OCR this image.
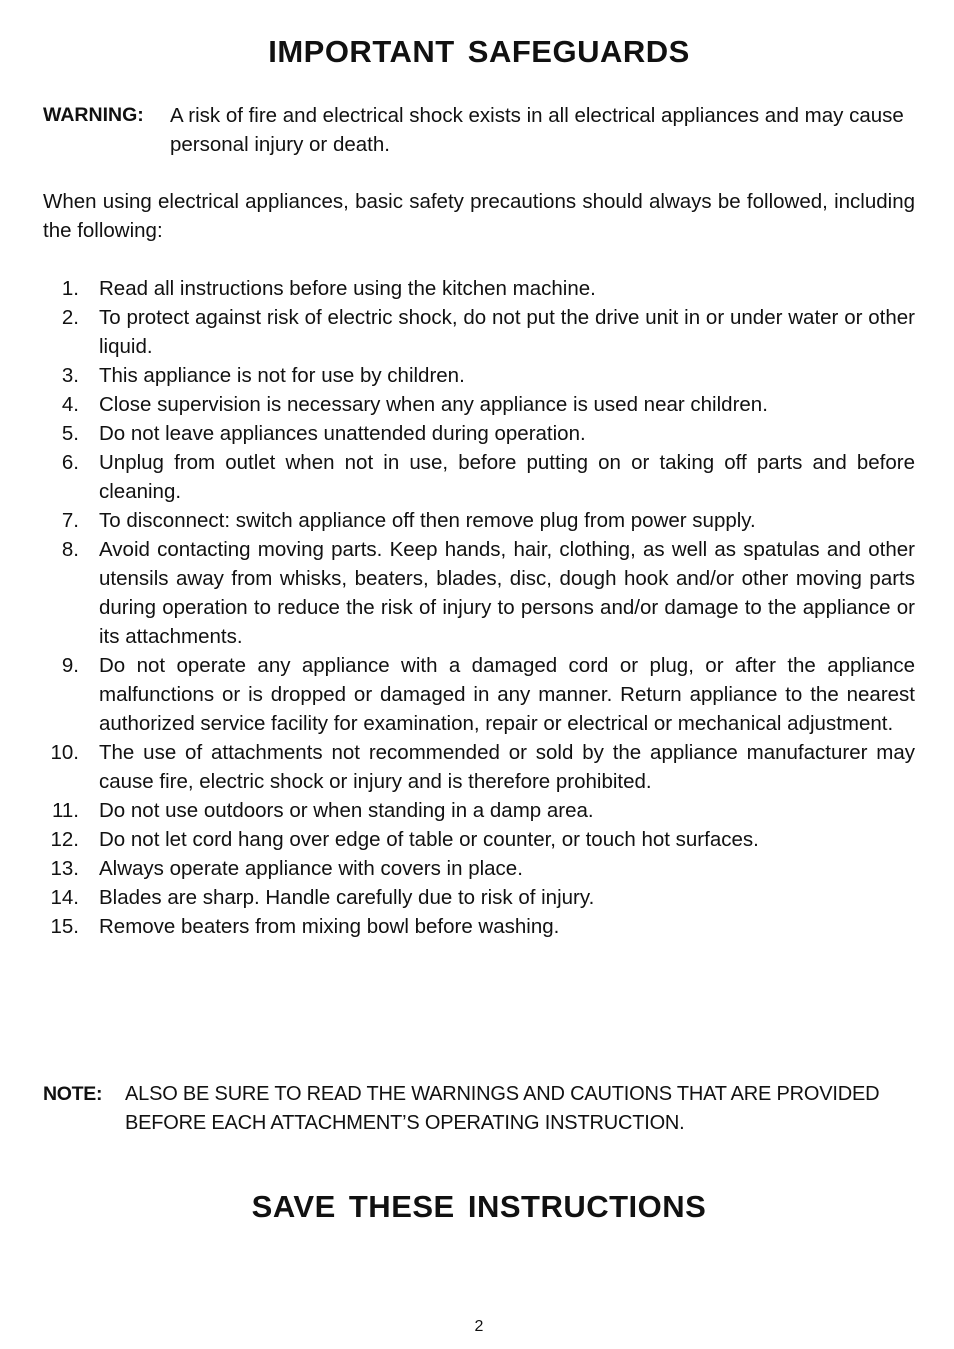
IMPORTANT SAFEGUARDS
WARNING:	A risk of fire and electrical shock exists in all electrical appliances and may cause personal injury or death.

When using electrical appliances, basic safety precautions should always be followed, including the following:

1. Read all instructions before using the kitchen machine.
2. To protect against risk of electric shock, do not put the drive unit in or under water or other liquid.
3. This appliance is not for use by children.
4. Close supervision is necessary when any appliance is used near children.
5. Do not leave appliances unattended during operation.
6. Unplug from outlet when not in use, before putting on or taking off parts and before cleaning.
7. To disconnect: switch appliance off then remove plug from power supply.
8. Avoid contacting moving parts. Keep hands, hair, clothing, as well as spatulas and other utensils away from whisks, beaters, blades, disc, dough hook and/or other moving parts during operation to reduce the risk of injury to persons and/or damage to the appliance or its attachments.
9. Do not operate any appliance with a damaged cord or plug, or after the appliance malfunctions or is dropped or damaged in any manner. Return appliance to the nearest authorized service facility for examination, repair or electrical or mechanical adjustment.
10. The use of attachments not recommended or sold by the appliance manufacturer may cause fire, electric shock or injury and is therefore prohibited.
11. Do not use outdoors or when standing in a damp area.
12. Do not let cord hang over edge of table or counter, or touch hot surfaces.
13. Always operate appliance with covers in place.
14. Blades are sharp. Handle carefully due to risk of injury.
15. Remove beaters from mixing bowl before washing.
NOTE:	ALSO BE SURE TO READ THE WARNINGS AND CAUTIONS THAT ARE PROVIDED BEFORE EACH ATTACHMENT’S OPERATING INSTRUCTION.
SAVE THESE INSTRUCTIONS
2
